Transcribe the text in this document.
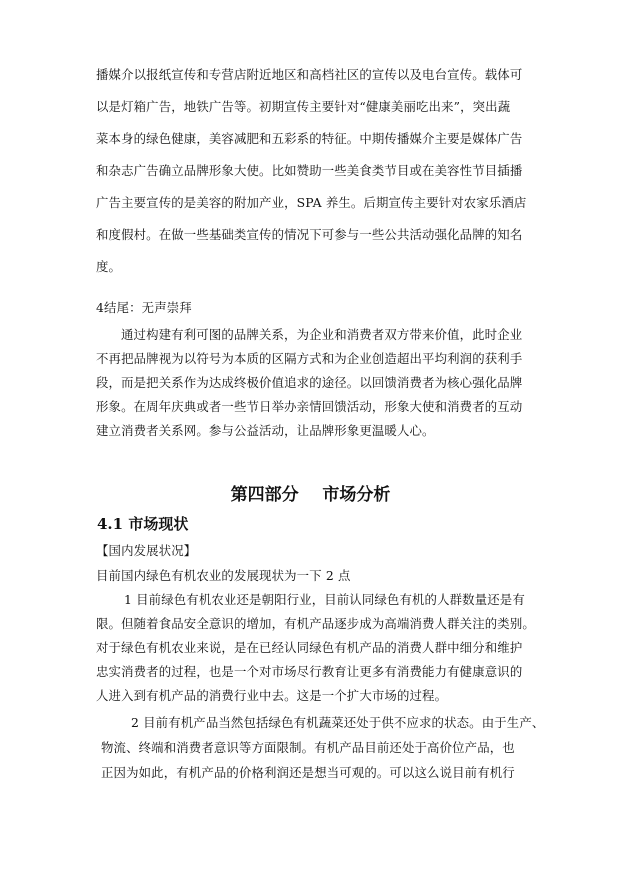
播媒介以报纸宣传和专营店附近地区和高档社区的宣传以及电台宣传。载体可
以是灯箱广告，地铁广告等。初期宣传主要针对“健康美丽吃出来”，突出蔬
菜本身的绿色健康，美容减肥和五彩系的特征。中期传播媒介主要是媒体广告
和杂志广告确立品牌形象大使。比如赞助一些美食类节目或在美容性节目插播
广告主要宣传的是美容的附加产业，SPA 养生。后期宣传主要针对农家乐酒店
和度假村。在做一些基础类宣传的情况下可参与一些公共活动强化品牌的知名
度。
4结尾：无声崇拜
通过构建有利可图的品牌关系，为企业和消费者双方带来价值，此时企业
不再把品牌视为以符号为本质的区隔方式和为企业创造超出平均利润的获利手
段，而是把关系作为达成终极价值追求的途径。以回馈消费者为核心强化品牌
形象。在周年庆典或者一些节日举办亲情回馈活动，形象大使和消费者的互动
建立消费者关系网。参与公益活动，让品牌形象更温暖人心。
第四部分    市场分析
4.1 市场现状
【国内发展状况】
目前国内绿色有机农业的发展现状为一下 2 点
1 目前绿色有机农业还是朝阳行业，目前认同绿色有机的人群数量还是有
限。但随着食品安全意识的增加，有机产品逐步成为高端消费人群关注的类别。
对于绿色有机农业来说，是在已经认同绿色有机产品的消费人群中细分和维护
忠实消费者的过程，也是一个对市场尽行教育让更多有消费能力有健康意识的
人进入到有机产品的消费行业中去。这是一个扩大市场的过程。
2 目前有机产品当然包括绿色有机蔬菜还处于供不应求的状态。由于生产、
物流、终端和消费者意识等方面限制。有机产品目前还处于高价位产品，也
正因为如此，有机产品的价格利润还是想当可观的。可以这么说目前有机行
